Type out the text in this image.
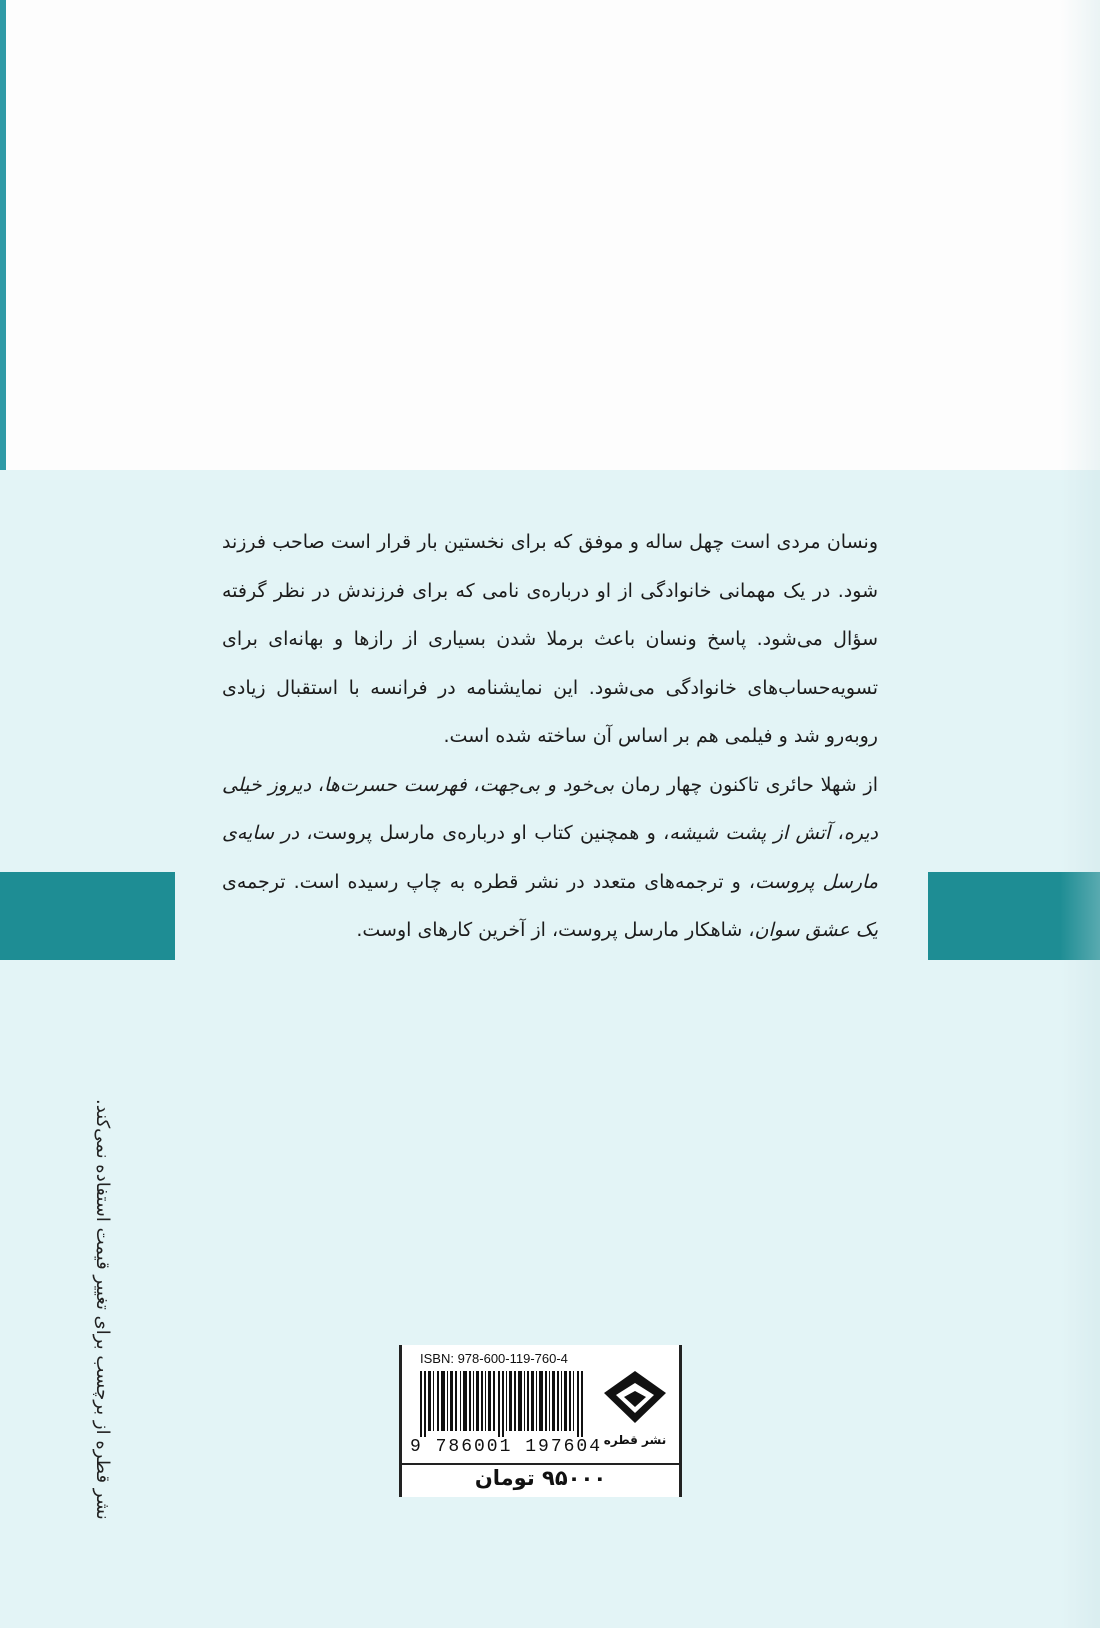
ونسان مردی است چهل ساله و موفق که برای نخستین بار قرار است صاحب فرزند شود. در یک مهمانی خانوادگی از او درباره‌ی نامی که برای فرزندش در نظر گرفته سؤال می‌شود. پاسخ ونسان باعث برملا شدن بسیاری از رازها و بهانه‌ای برای تسویه‌حساب‌های خانوادگی می‌شود. این نمایشنامه در فرانسه با استقبال زیادی روبه‌رو شد و فیلمی هم بر اساس آن ساخته شده است.

از شهلا حائری تاکنون چهار رمان بی‌خود و بی‌جهت، فهرست حسرت‌ها، دیروز خیلی دیره، آتش از پشت شیشه، و همچنین کتاب او درباره‌ی مارسل پروست، در سایه‌ی مارسل پروست، و ترجمه‌های متعدد در نشر قطره به چاپ رسیده است. ترجمه‌ی یک عشق سوان، شاهکار مارسل پروست، از آخرین کارهای اوست.

نشر قطره از برچسب برای تغییر قیمت استفاده نمی‌کند.	ISBN: 978-600-119-760-4
9 786001 197604 نشر قطره
۹۵۰۰۰ تومان
